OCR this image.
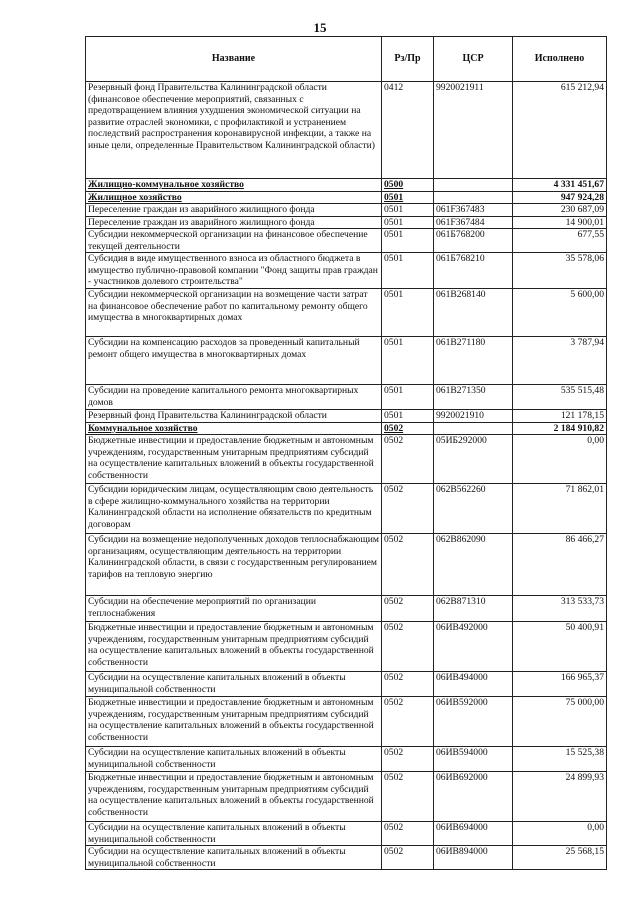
15
Название	Рз/Пр	ЦСР	Исполнено
Резервный фонд Правительства Калининградской области (финансовое обеспечение мероприятий, связанных с предотвращением влияния ухудшения экономической ситуации на развитие отраслей экономики, с профилактикой и устранением последствий распространения коронавирусной инфекции, а также на иные цели, определенные Правительством Калининградской области)	0412	9920021911	615 212,94
Жилищно-коммунальное хозяйство	0500		4 331 451,67
Жилищное хозяйство	0501		947 924,28
Переселение граждан из аварийного жилищного фонда	0501	061F367483	230 687,09
Переселение граждан из аварийного жилищного фонда	0501	061F367484	14 900,01
Субсидии некоммерческой организации на финансовое обеспечение текущей деятельности	0501	061Б768200	677,55
Субсидия в виде имущественного взноса из областного бюджета в имущество публично-правовой компании "Фонд защиты прав граждан - участников долевого строительства"	0501	061Б768210	35 578,06
Субсидии некоммерческой организации на возмещение части затрат на финансовое обеспечение работ по капитальному ремонту общего имущества в многоквартирных домах	0501	061В268140	5 600,00
Субсидии на компенсацию расходов за проведенный капитальный ремонт общего имущества в многоквартирных домах	0501	061В271180	3 787,94
Субсидии на проведение капитального ремонта многоквартирных домов	0501	061В271350	535 515,48
Резервный фонд Правительства Калининградской области	0501	9920021910	121 178,15
Коммунальное хозяйство	0502		2 184 910,82
Бюджетные инвестиции и предоставление бюджетным и автономным учреждениям, государственным унитарным предприятиям субсидий на осуществление капитальных вложений в объекты государственной собственности	0502	05ИБ292000	0,00
Субсидии юридическим лицам, осуществляющим свою деятельность в сфере жилищно-коммунального хозяйства на территории Калининградской области на исполнение обязательств по кредитным договорам	0502	062В562260	71 862,01
Субсидии на возмещение недополученных доходов теплоснабжающим организациям, осуществляющим деятельность на территории Калининградской области, в связи с государственным регулированием тарифов на тепловую энергию	0502	062В862090	86 466,27
Субсидии на обеспечение мероприятий по организации теплоснабжения	0502	062В871310	313 533,73
Бюджетные инвестиции и предоставление бюджетным и автономным учреждениям, государственным унитарным предприятиям субсидий на осуществление капитальных вложений в объекты государственной собственности	0502	06ИВ492000	50 400,91
Субсидии на осуществление капитальных вложений в объекты муниципальной собственности	0502	06ИВ494000	166 965,37
Бюджетные инвестиции и предоставление бюджетным и автономным учреждениям, государственным унитарным предприятиям субсидий на осуществление капитальных вложений в объекты государственной собственности	0502	06ИВ592000	75 000,00
Субсидии на осуществление капитальных вложений в объекты муниципальной собственности	0502	06ИВ594000	15 525,38
Бюджетные инвестиции и предоставление бюджетным и автономным учреждениям, государственным унитарным предприятиям субсидий на осуществление капитальных вложений в объекты государственной собственности	0502	06ИВ692000	24 899,93
Субсидии на осуществление капитальных вложений в объекты муниципальной собственности	0502	06ИВ694000	0,00
Субсидии на осуществление капитальных вложений в объекты муниципальной собственности	0502	06ИВ894000	25 568,15
